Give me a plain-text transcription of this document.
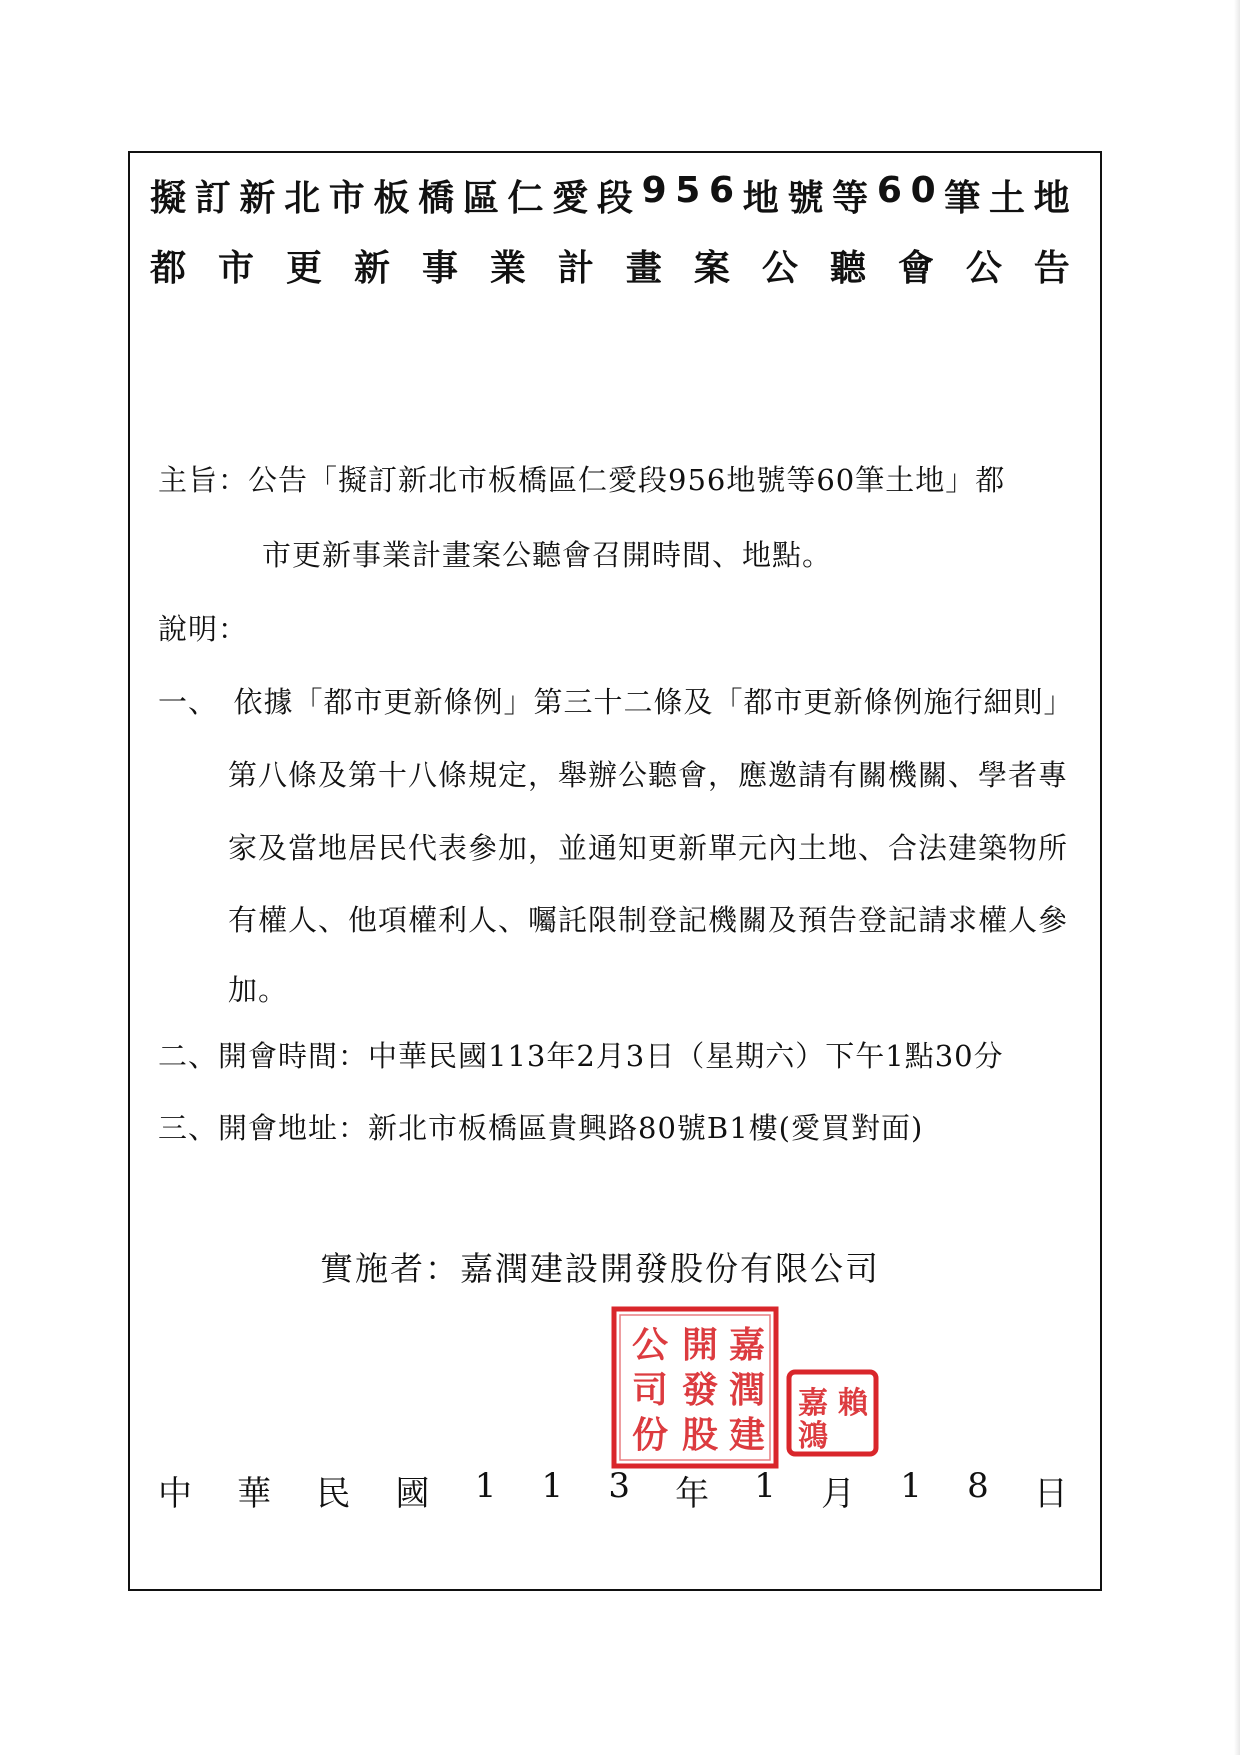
擬 訂 新 北 市 板 橋 區 仁 愛 段 9 5 6 地 號 等 6 0 筆 土 地
都 市 更 新 事 業 計 畫 案 公 聽 會 公 告
主旨：公告「擬訂新北市板橋區仁愛段956地號等60筆土地」都
市更新事業計畫案公聽會召開時間、地點。
說明：
一、　依據「都市更新條例」第三十二條及「都市更新條例施行細則」
第八條及第十八條規定，舉辦公聽會，應邀請有關機關、學者專
家及當地居民代表參加，並通知更新單元內土地、合法建築物所
有權人、他項權利人、囑託限制登記機關及預告登記請求權人參
加。
二、開會時間：中華民國113年2月3日（星期六）下午1點30分
三、開會地址：新北市板橋區貴興路80號B1樓(愛買對面)
實施者：嘉潤建設開發股份有限公司
嘉
潤
建
開
發
股
公
司
份
賴
嘉
鴻
中 華 民 國 1 1 3 年 1 月 1 8 日
